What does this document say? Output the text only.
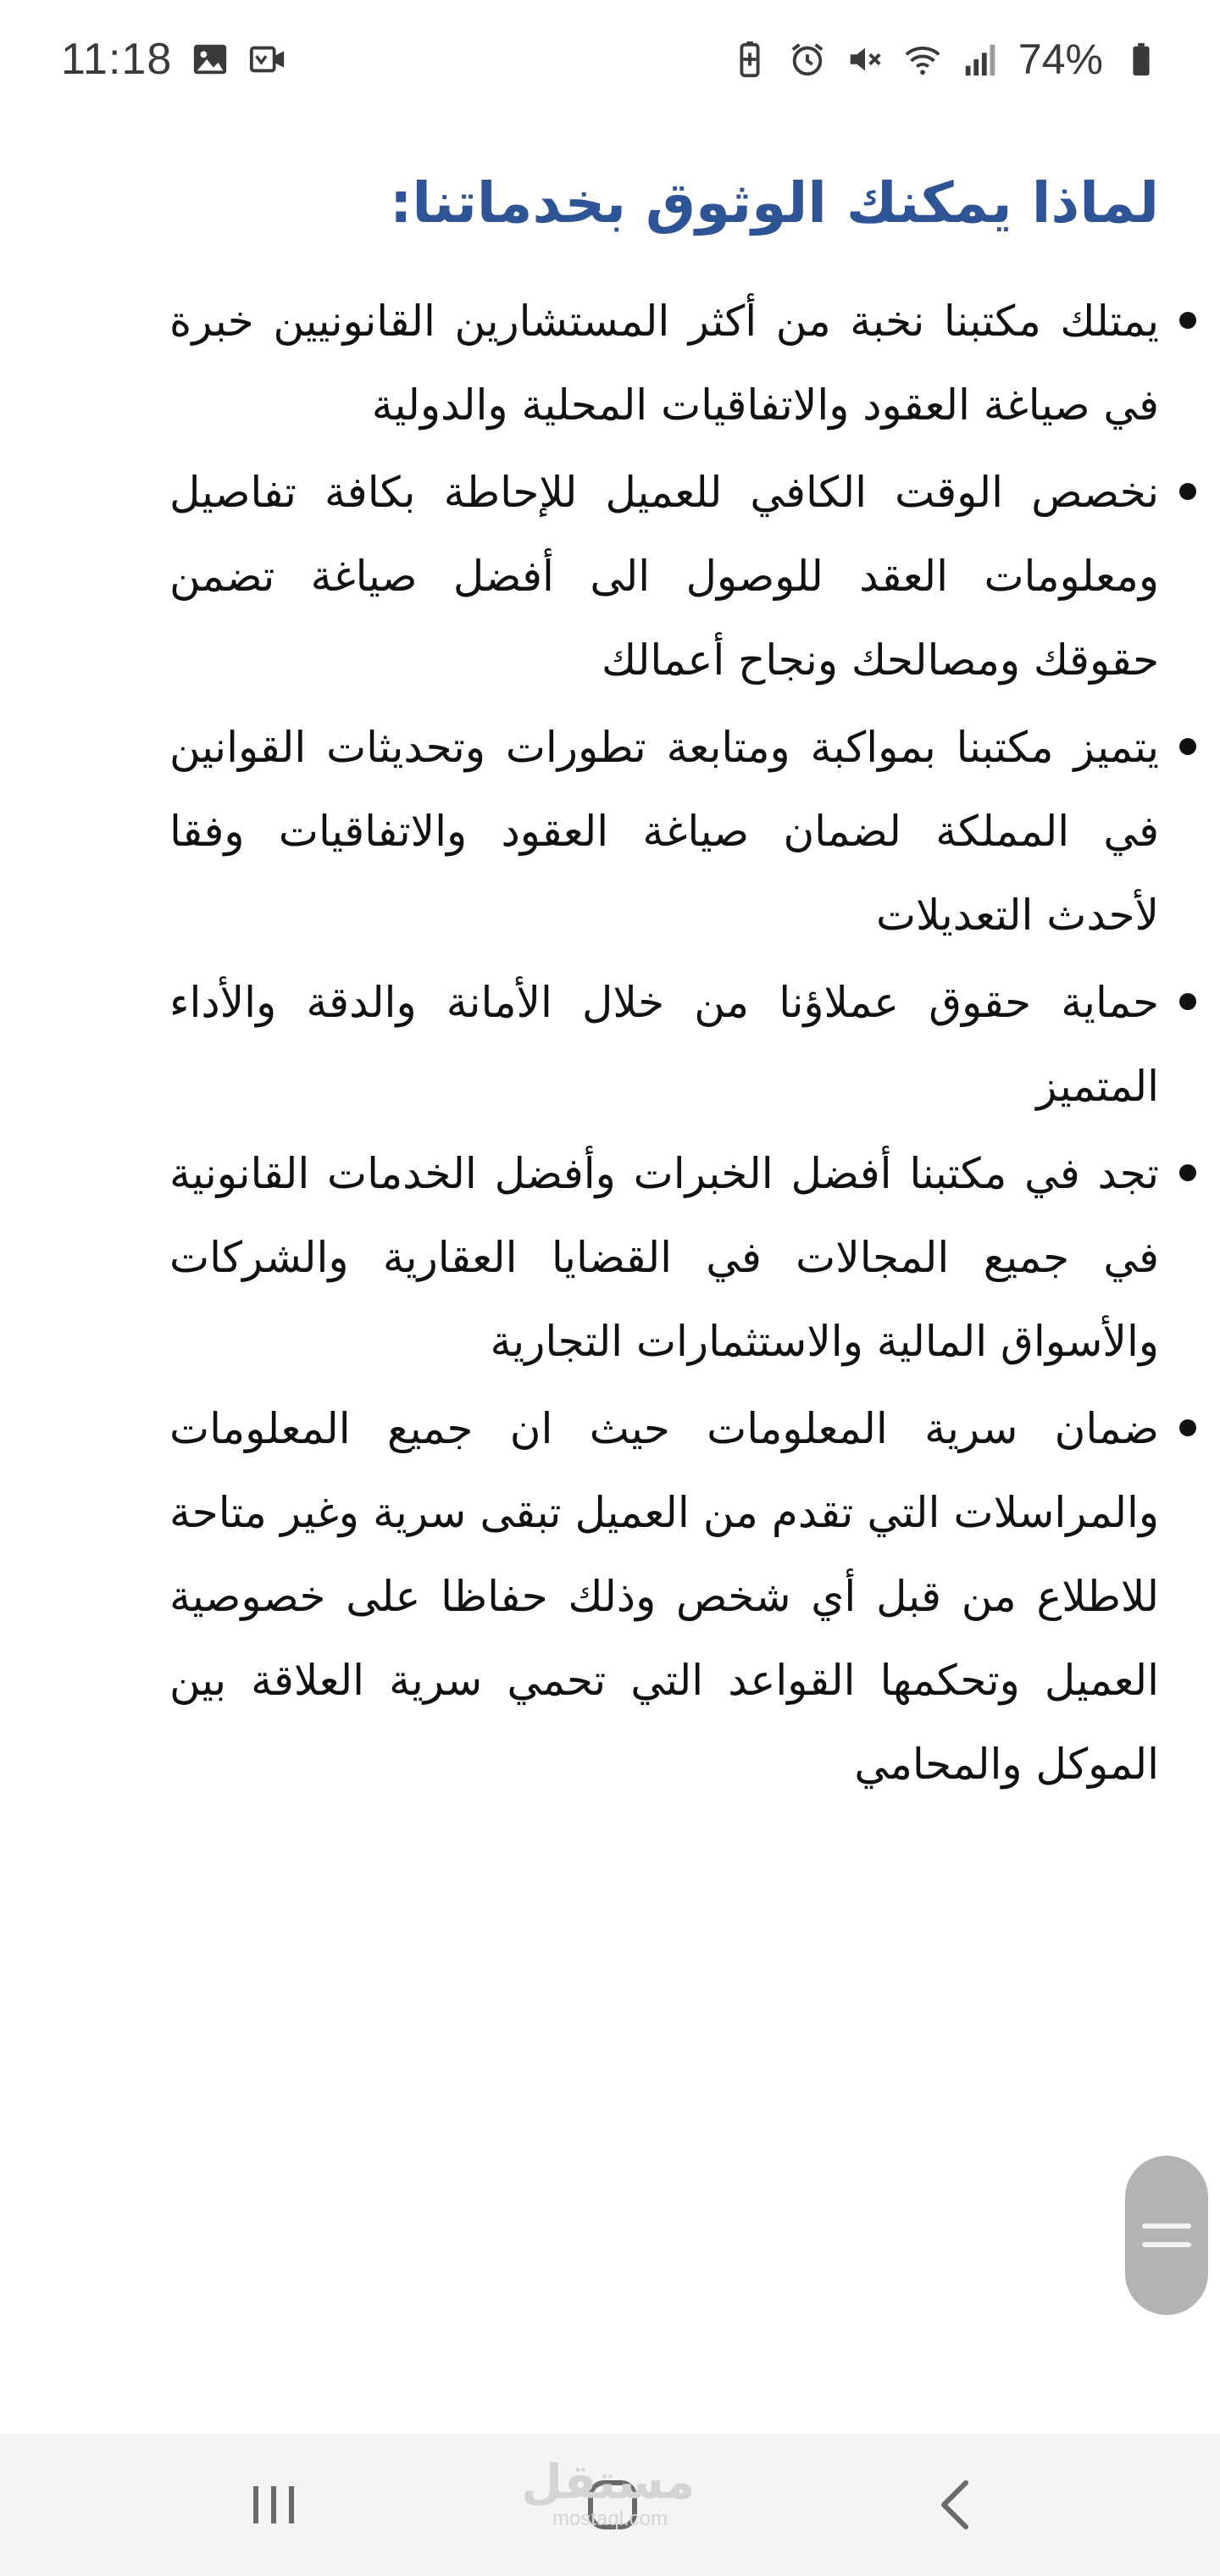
11:18	74%
لماذا يمكنك الوثوق بخدماتنا:
يمتلك مكتبنا نخبة من أكثر المستشارين القانونيين خبرة في صياغة العقود والاتفاقيات المحلية والدولية
نخصص الوقت الكافي للعميل للإحاطة بكافة تفاصيل ومعلومات العقد للوصول الى أفضل صياغة تضمن حقوقك ومصالحك ونجاح أعمالك
يتميز مكتبنا بمواكبة ومتابعة تطورات وتحديثات القوانين في المملكة لضمان صياغة العقود والاتفاقيات وفقا لأحدث التعديلات
حماية حقوق عملاؤنا من خلال الأمانة والدقة والأداء المتميز
تجد في مكتبنا أفضل الخبرات وأفضل الخدمات القانونية في جميع المجالات في القضايا العقارية والشركات والأسواق المالية والاستثمارات التجارية
ضمان سرية المعلومات حيث ان جميع المعلومات والمراسلات التي تقدم من العميل تبقى سرية وغير متاحة للاطلاع من قبل أي شخص وذلك حفاظا على خصوصية العميل وتحكمها القواعد التي تحمي سرية العلاقة بين الموكل والمحامي
مستقل
mostaql.com
